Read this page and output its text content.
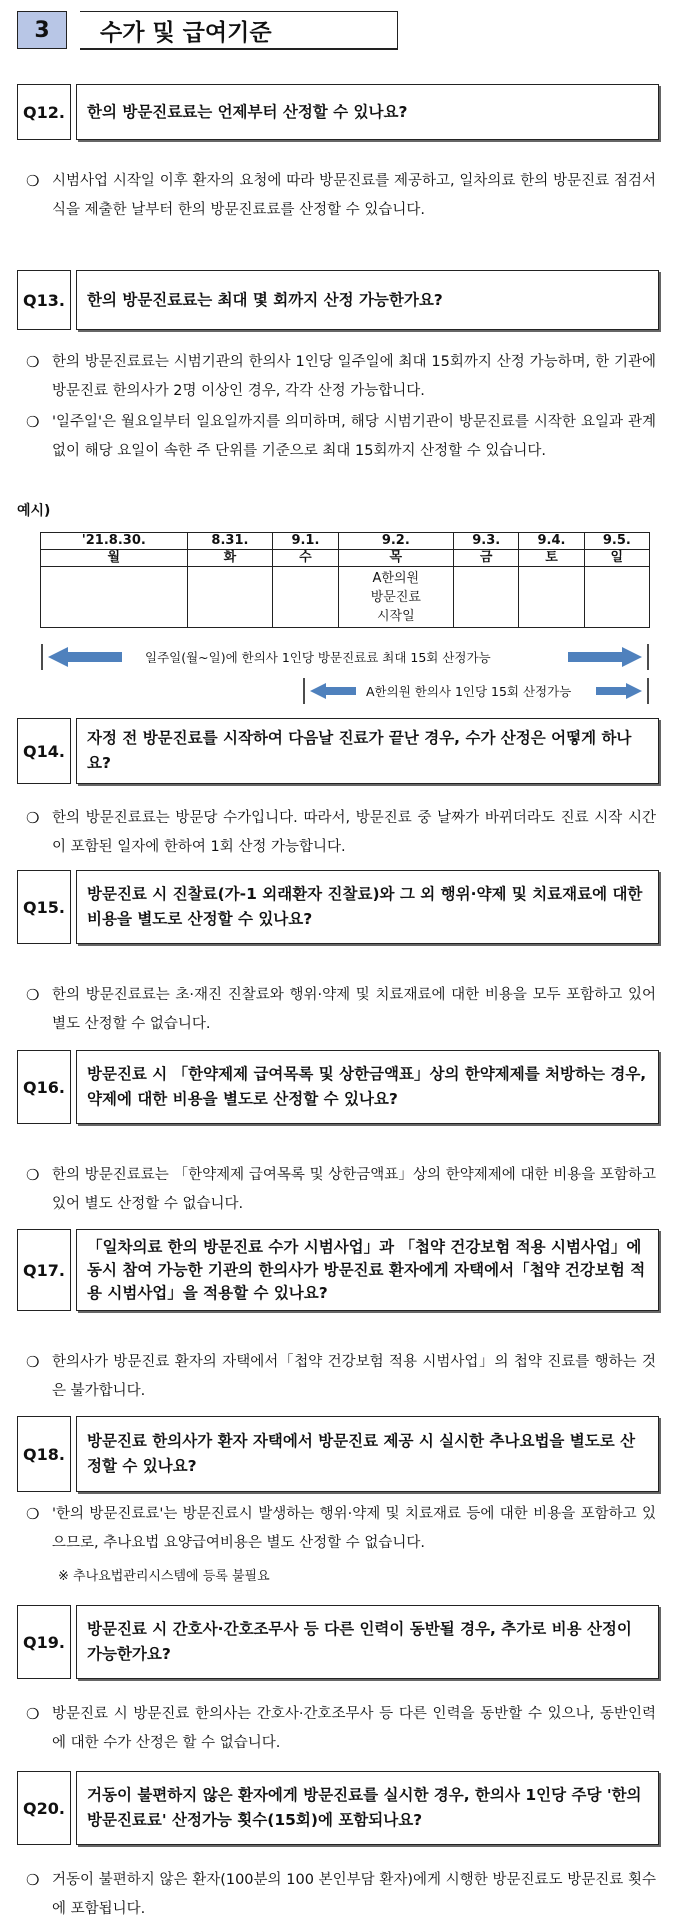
3	수가 및 급여기준
Q12.	한의 방문진료료는 언제부터 산정할 수 있나요?
❍ 시범사업 시작일 이후 환자의 요청에 따라 방문진료를 제공하고, 일차의료 한의 방문진료 점검서식을 제출한 날부터 한의 방문진료료를 산정할 수 있습니다.
Q13.	한의 방문진료료는 최대 몇 회까지 산정 가능한가요?
❍ 한의 방문진료료는 시범기관의 한의사 1인당 일주일에 최대 15회까지 산정 가능하며, 한 기관에 방문진료 한의사가 2명 이상인 경우, 각각 산정 가능합니다.
❍ '일주일'은 월요일부터 일요일까지를 의미하며, 해당 시범기관이 방문진료를 시작한 요일과 관계없이 해당 요일이 속한 주 단위를 기준으로 최대 15회까지 산정할 수 있습니다.
예시)
'21.8.30.	8.31.	9.1.	9.2.	9.3.	9.4.	9.5.
월	화	수	목	금	토	일

			A한의원
방문진료
시작일			

일주일(월~일)에 한의사 1인당 방문진료료 최대 15회 산정가능
A한의원 한의사 1인당 15회 산정가능
Q14.
자정 전 방문진료를 시작하여 다음날 진료가 끝난 경우, 수가 산정은 어떻게 하나요?
❍ 한의 방문진료료는 방문당 수가입니다. 따라서, 방문진료 중 날짜가 바뀌더라도 진료 시작 시간이 포함된 일자에 한하여 1회 산정 가능합니다.
Q15.
방문진료 시 진찰료(가-1 외래환자 진찰료)와 그 외 행위·약제 및 치료재료에 대한 비용을 별도로 산정할 수 있나요?
❍ 한의 방문진료료는 초·재진 진찰료와 행위·약제 및 치료재료에 대한 비용을 모두 포함하고 있어 별도 산정할 수 없습니다.
Q16.
방문진료 시 「한약제제 급여목록 및 상한금액표」상의 한약제제를 처방하는 경우, 약제에 대한 비용을 별도로 산정할 수 있나요?
❍ 한의 방문진료료는 「한약제제 급여목록 및 상한금액표」상의 한약제제에 대한 비용을 포함하고 있어 별도 산정할 수 없습니다.
Q17.
「일차의료 한의 방문진료 수가 시범사업」과 「첩약 건강보험 적용 시범사업」에 동시 참여 가능한 기관의 한의사가 방문진료 환자에게 자택에서「첩약 건강보험 적용 시범사업」을 적용할 수 있나요?
❍ 한의사가 방문진료 환자의 자택에서「첩약 건강보험 적용 시범사업」의 첩약 진료를 행하는 것은 불가합니다.
Q18.
방문진료 한의사가 환자 자택에서 방문진료 제공 시 실시한 추나요법을 별도로 산정할 수 있나요?
❍ '한의 방문진료료'는 방문진료시 발생하는 행위·약제 및 치료재료 등에 대한 비용을 포함하고 있으므로, 추나요법 요양급여비용은 별도 산정할 수 없습니다.
※ 추나요법관리시스템에 등록 불필요
Q19.
방문진료 시 간호사·간호조무사 등 다른 인력이 동반될 경우, 추가로 비용 산정이 가능한가요?
❍ 방문진료 시 방문진료 한의사는 간호사·간호조무사 등 다른 인력을 동반할 수 있으나, 동반인력에 대한 수가 산정은 할 수 없습니다.
Q20.
거동이 불편하지 않은 환자에게 방문진료를 실시한 경우, 한의사 1인당 주당 '한의 방문진료료' 산정가능 횟수(15회)에 포함되나요?
❍ 거동이 불편하지 않은 환자(100분의 100 본인부담 환자)에게 시행한 방문진료도 방문진료 횟수에 포함됩니다.
